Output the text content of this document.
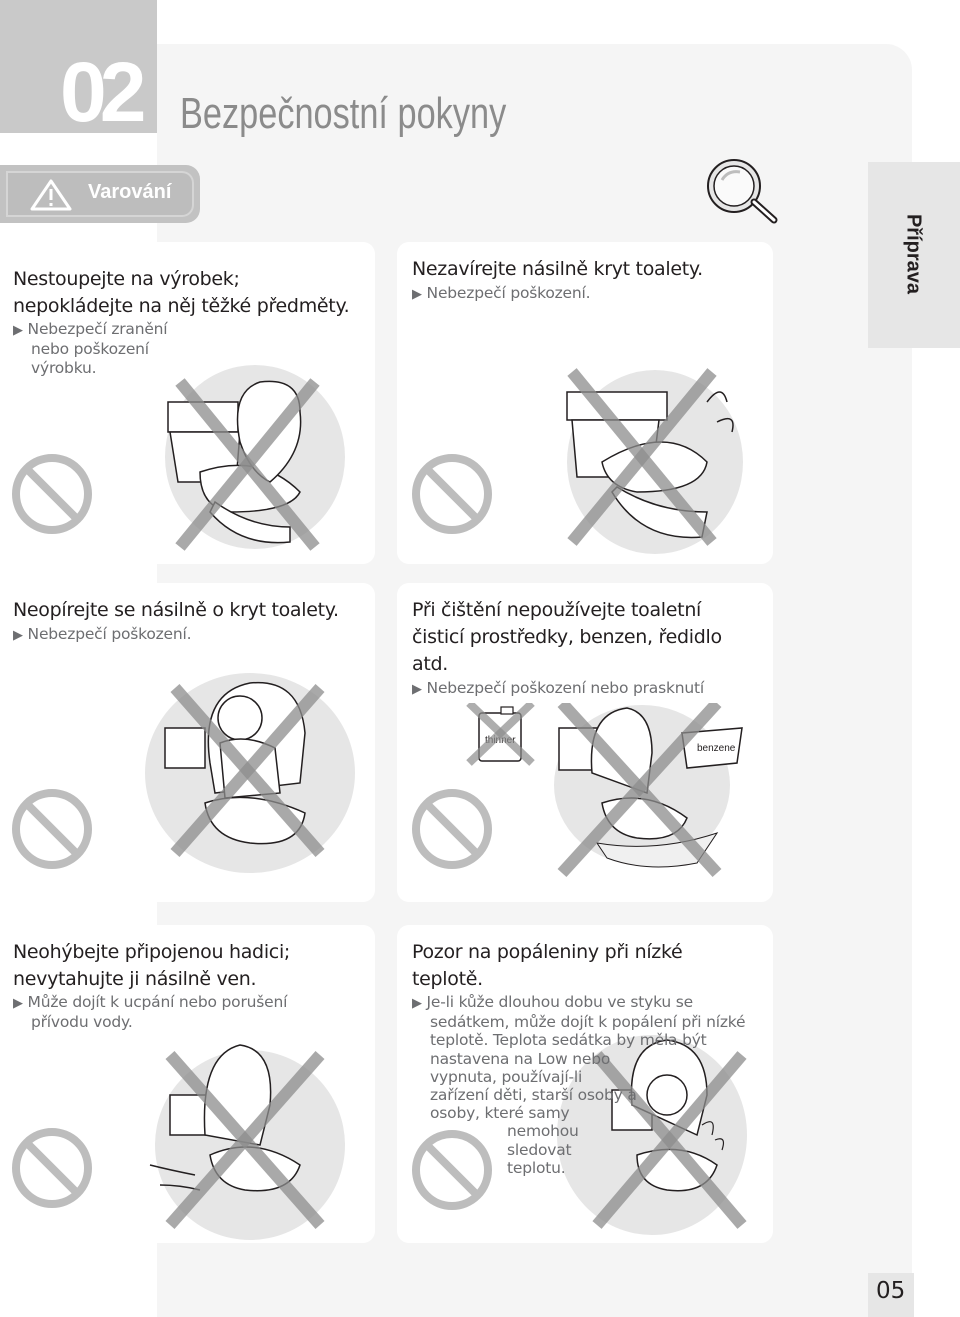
02 Bezpečnostní pokyny
Příprava
Varování
Nestoupejte na výrobek;
nepokládejte na něj těžké předměty.
▶ Nebezpečí zranění
nebo poškození
výrobku.
Nezavírejte násilně kryt toalety.
▶ Nebezpečí poškození.
Neopírejte se násilně o kryt toalety.
▶ Nebezpečí poškození.
Při čištění nepoužívejte toaletní
čisticí prostředky, benzen, ředidlo
atd.
▶ Nebezpečí poškození nebo prasknutí
thinner
benzene
Neohýbejte připojenou hadici;
nevytahujte ji násilně ven.
▶ Může dojít k ucpání nebo porušení
přívodu vody.
Pozor na popáleniny při nízké
teplotě.
▶ Je-li kůže dlouhou dobu ve styku se
sedátkem, může dojít k popálení při nízké
teplotě. Teplota sedátka by měla být
nastavena na Low nebo
vypnuta, používají-li
zařízení děti, starší osoby a
osoby, které samy
nemohou
sledovat
teplotu.
05
